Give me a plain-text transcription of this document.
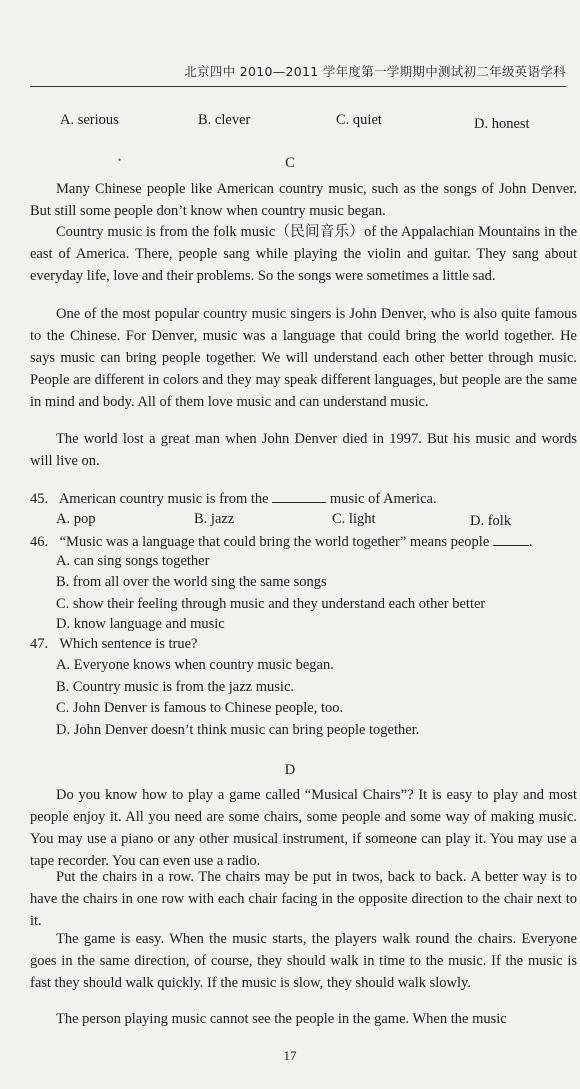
北京四中 2010—2011 学年度第一学期期中测试初二年级英语学科
A. serious	B. clever	C. quiet	D. honest
•	C

Many Chinese people like American country music, such as the songs of John Denver. But still some people don’t know when country music began.

Country music is from the folk music（民间音乐）of the Appalachian Mountains in the east of America. There, people sang while playing the violin and guitar. They sang about everyday life, love and their problems. So the songs were sometimes a little sad.

One of the most popular country music singers is John Denver, who is also quite famous to the Chinese. For Denver, music was a language that could bring the world together. He says music can bring people together. We will understand each other better through music. People are different in colors and they may speak different languages, but people are the same in mind and body. All of them love music and can understand music.

The world lost a great man when John Denver died in 1997. But his music and words will live on.

45. American country music is from the	music of America.
A. pop	B. jazz	C. light	D. folk
46. “Music was a language that could bring the world together” means people	.
A. can sing songs together
B. from all over the world sing the same songs
C. show their feeling through music and they understand each other better
D. know language and music
47. Which sentence is true?
A. Everyone knows when country music began.
B. Country music is from the jazz music.
C. John Denver is famous to Chinese people, too.
D. John Denver doesn’t think music can bring people together.
D

Do you know how to play a game called “Musical Chairs”? It is easy to play and most people enjoy it. All you need are some chairs, some people and some way of making music. You may use a piano or any other musical instrument, if someone can play it. You may use a tape recorder. You can even use a radio.

Put the chairs in a row. The chairs may be put in twos, back to back. A better way is to have the chairs in one row with each chair facing in the opposite direction to the chair next to it.

The game is easy. When the music starts, the players walk round the chairs. Everyone goes in the same direction, of course, they should walk in time to the music. If the music is fast they should walk quickly. If the music is slow, they should walk slowly.

The person playing music cannot see the people in the game. When the music

17
